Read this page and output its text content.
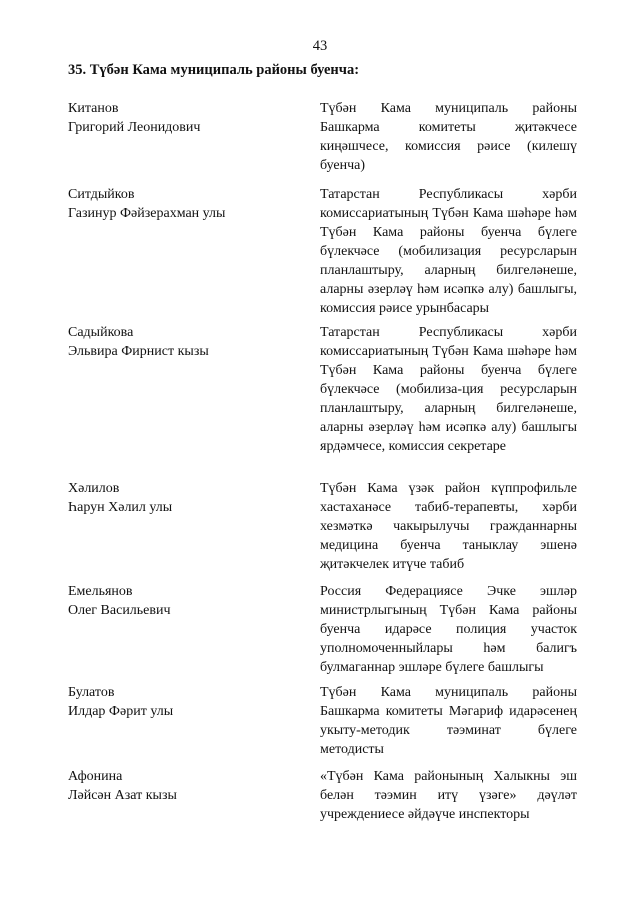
43
35. Түбән Кама муниципаль районы буенча:
Китанов
Григорий Леонидович
Түбән Кама муниципаль районы Башкарма комитеты җитәкчесе киңәшчесе, комиссия рәисе (килешү буенча)
Ситдыйков
Газинур Фәйзерахман улы
Татарстан Республикасы хәрби комиссариатының Түбән Кама шәһәре һәм Түбән Кама районы буенча бүлеге бүлекчәсе (мобилизация ресурсларын планлаштыру, аларның билгеләнеше, аларны әзерләү һәм исәпкә алу) башлыгы, комиссия рәисе урынбасары
Садыйкова
Эльвира Фирнист кызы
Татарстан Республикасы хәрби комиссариатының Түбән Кама шәһәре һәм Түбән Кама районы буенча бүлеге бүлекчәсе (мобилиза-ция ресурсларын планлаштыру, аларның билгеләнеше, аларны әзерләү һәм исәпкә алу) башлыгы ярдәмчесе, комиссия секретаре
Хәлилов
Һарун Хәлил улы
Түбән Кама үзәк район күппрофильле хастаханәсе табиб-терапевты, хәрби хезмәткә чакырылучы гражданнарны медицина буенча таныклау эшенә җитәкчелек итүче табиб
Емельянов
Олег Васильевич
Россия Федерациясе Эчке эшләр министрлыгының Түбән Кама районы буенча идарәсе полиция участок уполномоченныйлары һәм балигъ булмаганнар эшләре бүлеге башлыгы
Булатов
Илдар Фәрит улы
Түбән Кама муниципаль районы Башкарма комитеты Мәгариф идарәсенең укыту-методик тәэминат бүлеге методисты
Афонина
Ләйсән Азат кызы
«Түбән Кама районының Халыкны эш белән тәэмин итү үзәге» дәүләт учреждениесе әйдәүче инспекторы
